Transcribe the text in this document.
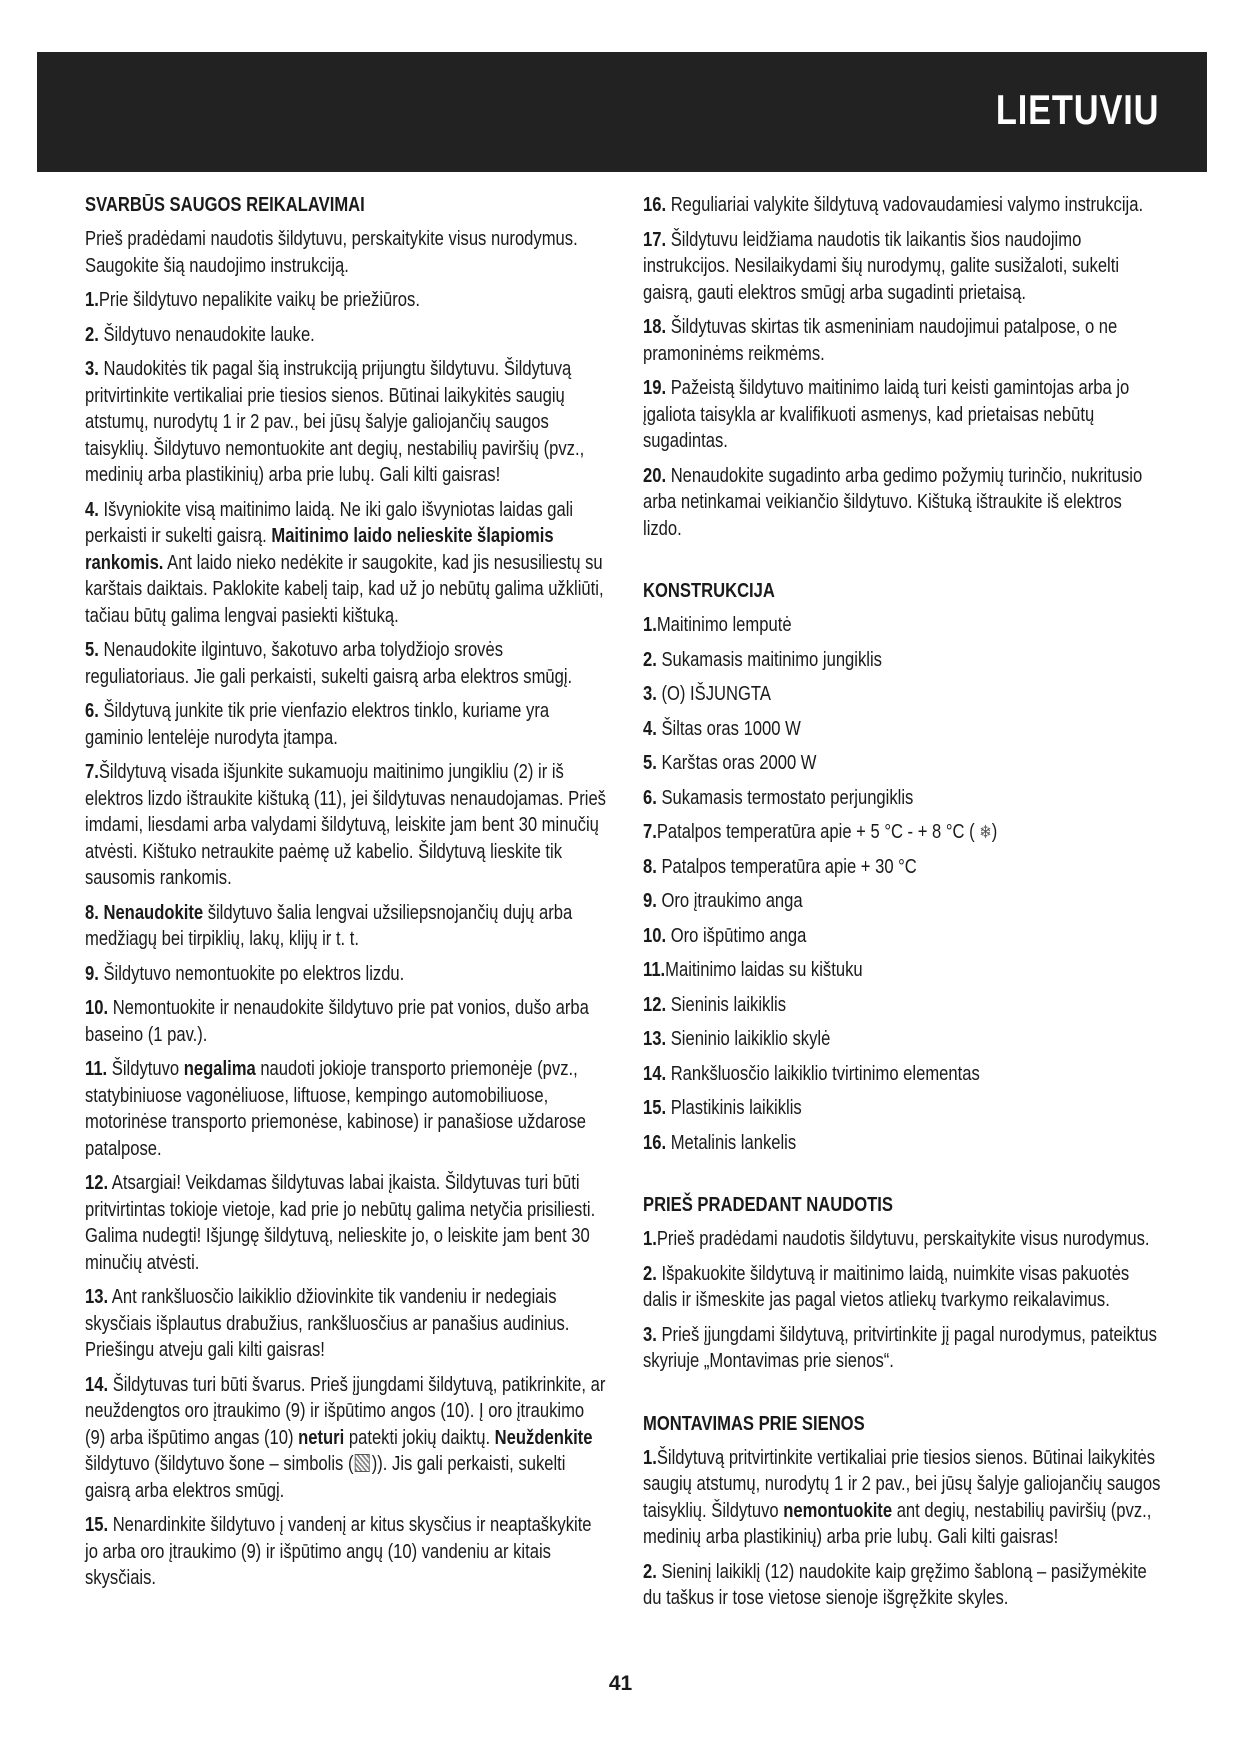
LIETUVIU
SVARBŪS SAUGOS REIKALAVIMAI

Prieš pradėdami naudotis šildytuvu, perskaitykite visus nurodymus. Saugokite šią naudojimo instrukciją.

1.Prie šildytuvo nepalikite vaikų be priežiūros.

2. Šildytuvo nenaudokite lauke.

3. Naudokitės tik pagal šią instrukciją prijungtu šildytuvu. Šildytuvą pritvirtinkite vertikaliai prie tiesios sienos. Būtinai laikykitės saugių atstumų, nurodytų 1 ir 2 pav., bei jūsų šalyje galiojančių saugos taisyklių. Šildytuvo nemontuokite ant degių, nestabilių paviršių (pvz., medinių arba plastikinių) arba prie lubų. Gali kilti gaisras!

4. Išvyniokite visą maitinimo laidą. Ne iki galo išvyniotas laidas gali perkaisti ir sukelti gaisrą. Maitinimo laido nelieskite šlapiomis rankomis. Ant laido nieko nedėkite ir saugokite, kad jis nesusiliestų su karštais daiktais. Paklokite kabelį taip, kad už jo nebūtų galima užkliūti, tačiau būtų galima lengvai pasiekti kištuką.

5. Nenaudokite ilgintuvo, šakotuvo arba tolydžiojo srovės reguliatoriaus. Jie gali perkaisti, sukelti gaisrą arba elektros smūgį.

6. Šildytuvą junkite tik prie vienfazio elektros tinklo, kuriame yra gaminio lentelėje nurodyta įtampa.

7.Šildytuvą visada išjunkite sukamuoju maitinimo jungikliu (2) ir iš elektros lizdo ištraukite kištuką (11), jei šildytuvas nenaudojamas. Prieš imdami, liesdami arba valydami šildytuvą, leiskite jam bent 30 minučių atvėsti. Kištuko netraukite paėmę už kabelio. Šildytuvą lieskite tik sausomis rankomis.

8. Nenaudokite šildytuvo šalia lengvai užsiliepsnojančių dujų arba medžiagų bei tirpiklių, lakų, klijų ir t. t.

9. Šildytuvo nemontuokite po elektros lizdu.

10. Nemontuokite ir nenaudokite šildytuvo prie pat vonios, dušo arba baseino (1 pav.).

11. Šildytuvo negalima naudoti jokioje transporto priemonėje (pvz., statybiniuose vagonėliuose, liftuose, kempingo automobiliuose, motorinėse transporto priemonėse, kabinose) ir panašiose uždarose patalpose.

12. Atsargiai! Veikdamas šildytuvas labai įkaista. Šildytuvas turi būti pritvirtintas tokioje vietoje, kad prie jo nebūtų galima netyčia prisiliesti. Galima nudegti! Išjungę šildytuvą, nelieskite jo, o leiskite jam bent 30 minučių atvėsti.

13. Ant rankšluosčio laikiklio džiovinkite tik vandeniu ir nedegiais skysčiais išplautus drabužius, rankšluosčius ar panašius audinius. Priešingu atveju gali kilti gaisras!

14. Šildytuvas turi būti švarus. Prieš įjungdami šildytuvą, patikrinkite, ar neuždengtos oro įtraukimo (9) ir išpūtimo angos (10). Į oro įtraukimo (9) arba išpūtimo angas (10) neturi patekti jokių daiktų. Neuždenkite šildytuvo (šildytuvo šone – simbolis ( )). Jis gali perkaisti, sukelti gaisrą arba elektros smūgį.

15. Nenardinkite šildytuvo į vandenį ar kitus skysčius ir neaptaškykite jo arba oro įtraukimo (9) ir išpūtimo angų (10) vandeniu ar kitais skysčiais.

16. Reguliariai valykite šildytuvą vadovaudamiesi valymo instrukcija.

17. Šildytuvu leidžiama naudotis tik laikantis šios naudojimo instrukcijos. Nesilaikydami šių nurodymų, galite susižaloti, sukelti gaisrą, gauti elektros smūgį arba sugadinti prietaisą.

18. Šildytuvas skirtas tik asmeniniam naudojimui patalpose, o ne pramoninėms reikmėms.

19. Pažeistą šildytuvo maitinimo laidą turi keisti gamintojas arba jo įgaliota taisykla ar kvalifikuoti asmenys, kad prietaisas nebūtų sugadintas.

20. Nenaudokite sugadinto arba gedimo požymių turinčio, nukritusio arba netinkamai veikiančio šildytuvo. Kištuką ištraukite iš elektros lizdo.

KONSTRUKCIJA

1.Maitinimo lemputė

2. Sukamasis maitinimo jungiklis

3. (O) IŠJUNGTA

4. Šiltas oras 1000 W

5. Karštas oras 2000 W

6. Sukamasis termostato perjungiklis

7.Patalpos temperatūra apie + 5 °C - + 8 °C ( ❄)

8. Patalpos temperatūra apie + 30 °C

9. Oro įtraukimo anga

10. Oro išpūtimo anga

11.Maitinimo laidas su kištuku

12. Sieninis laikiklis

13. Sieninio laikiklio skylė

14. Rankšluosčio laikiklio tvirtinimo elementas

15. Plastikinis laikiklis

16. Metalinis lankelis

PRIEŠ PRADEDANT NAUDOTIS

1.Prieš pradėdami naudotis šildytuvu, perskaitykite visus nurodymus.

2. Išpakuokite šildytuvą ir maitinimo laidą, nuimkite visas pakuotės dalis ir išmeskite jas pagal vietos atliekų tvarkymo reikalavimus.

3. Prieš įjungdami šildytuvą, pritvirtinkite jį pagal nurodymus, pateiktus skyriuje „Montavimas prie sienos“.

MONTAVIMAS PRIE SIENOS

1.Šildytuvą pritvirtinkite vertikaliai prie tiesios sienos. Būtinai laikykitės saugių atstumų, nurodytų 1 ir 2 pav., bei jūsų šalyje galiojančių saugos taisyklių. Šildytuvo nemontuokite ant degių, nestabilių paviršių (pvz., medinių arba plastikinių) arba prie lubų. Gali kilti gaisras!

2. Sieninį laikiklį (12) naudokite kaip gręžimo šabloną – pasižymėkite du taškus ir tose vietose sienoje išgręžkite skyles.

41
